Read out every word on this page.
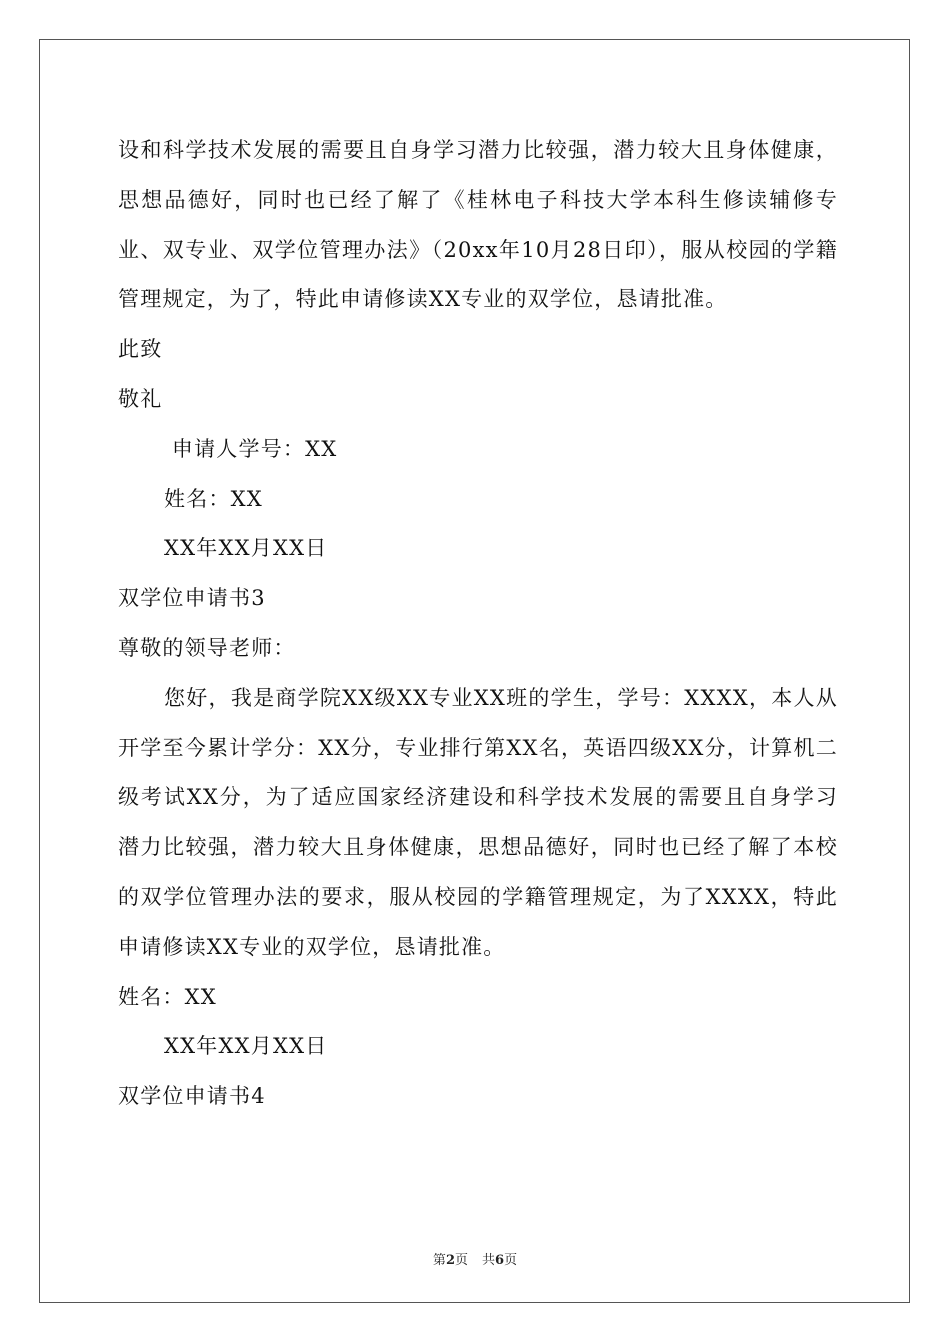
设和科学技术发展的需要且自身学习潜力比较强，潜力较大且身体健康，思想品德好，同时也已经了解了《桂林电子科技大学本科生修读辅修专业、双专业、双学位管理办法》（20xx年10月28日印），服从校园的学籍管理规定，为了，特此申请修读XX专业的双学位，恳请批准。

此致

敬礼

申请人学号：XX

姓名：XX

XX年XX月XX日

双学位申请书3

尊敬的领导老师：

您好，我是商学院XX级XX专业XX班的学生，学号：XXXX，本人从开学至今累计学分：XX分，专业排行第XX名，英语四级XX分，计算机二级考试XX分，为了适应国家经济建设和科学技术发展的需要且自身学习潜力比较强，潜力较大且身体健康，思想品德好，同时也已经了解了本校的双学位管理办法的要求，服从校园的学籍管理规定，为了XXXX，特此申请修读XX专业的双学位，恳请批准。

姓名：XX

XX年XX月XX日

双学位申请书4

第2页 共6页
